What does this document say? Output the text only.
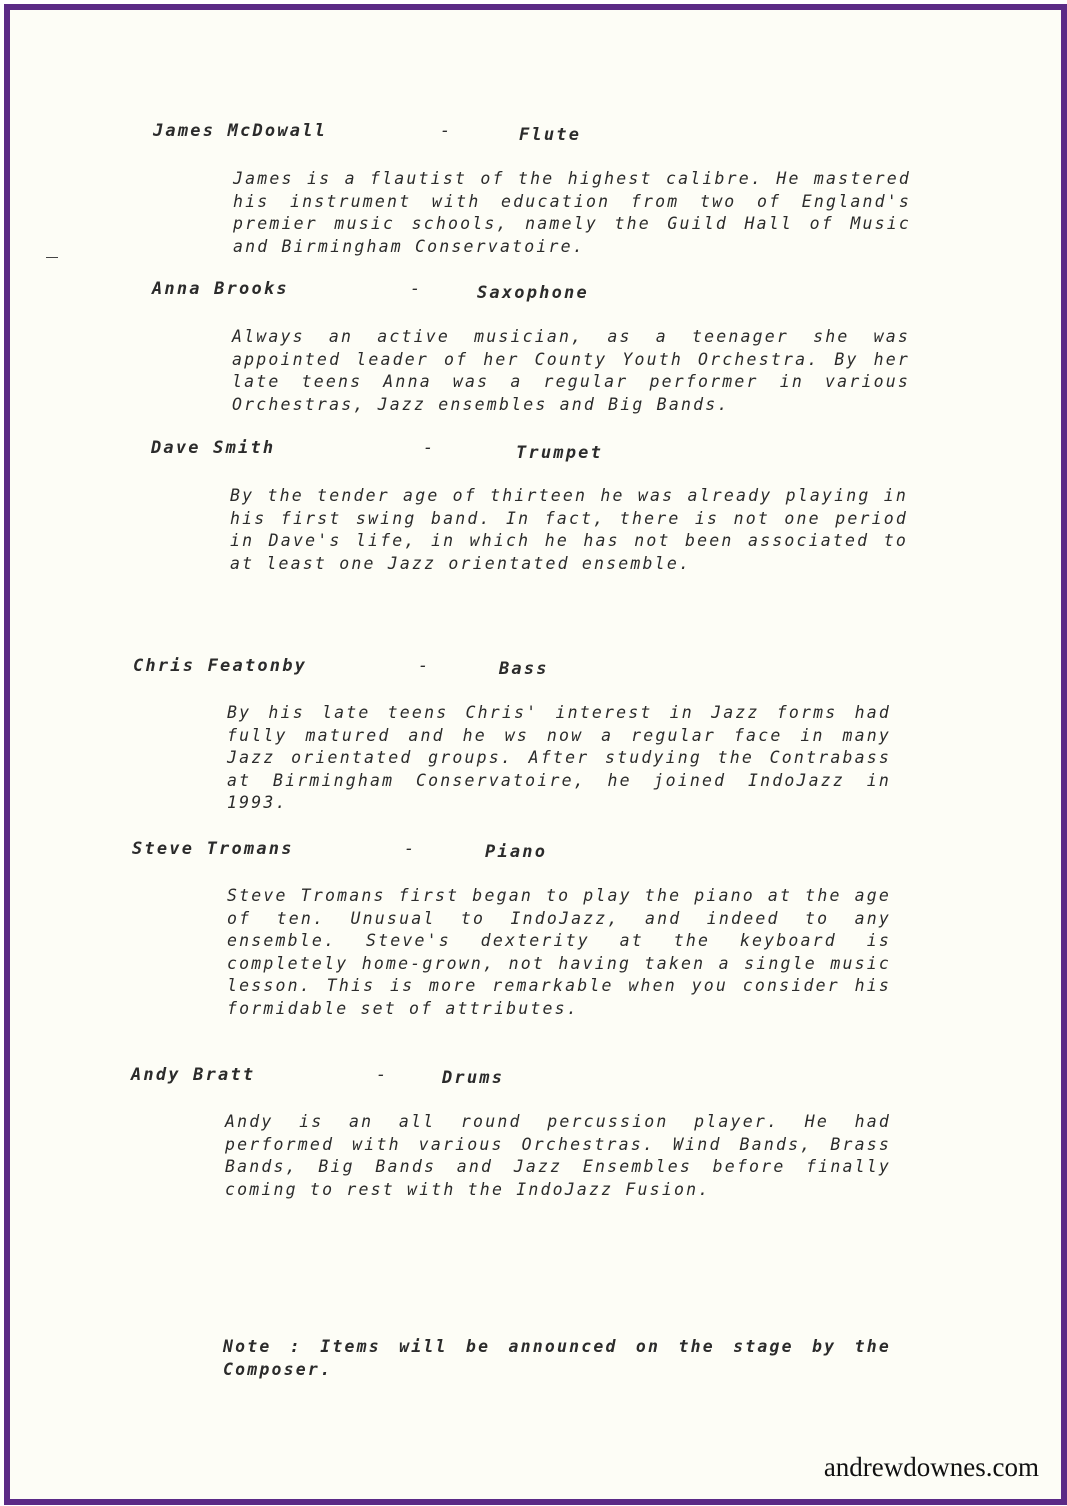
James McDowall	-	Flute

James is a flautist of the highest calibre. He mastered his instrument with education from two of England's premier music schools, namely the Guild Hall of Music and Birmingham Conservatoire.

Anna Brooks	-	Saxophone

Always an active musician, as a teenager she was appointed leader of her County Youth Orchestra. By her late teens Anna was a regular performer in various Orchestras, Jazz ensembles and Big Bands.

Dave Smith	-	Trumpet

By the tender age of thirteen he was already playing in his first swing band. In fact, there is not one period in Dave's life, in which he has not been associated to at least one Jazz orientated ensemble.

Chris Featonby	-	Bass

By his late teens Chris' interest in Jazz forms had fully matured and he ws now a regular face in many Jazz orientated groups. After studying the Contrabass at Birmingham Conservatoire, he joined IndoJazz in 1993.

Steve Tromans	-	Piano

Steve Tromans first began to play the piano at the age of ten. Unusual to IndoJazz, and indeed to any ensemble. Steve's dexterity at the keyboard is completely home-grown, not having taken a single music lesson. This is more remarkable when you consider his formidable set of attributes.

Andy Bratt	-	Drums

Andy is an all round percussion player. He had performed with various Orchestras. Wind Bands, Brass Bands, Big Bands and Jazz Ensembles before finally coming to rest with the IndoJazz Fusion.

Note : Items will be announced on the stage by the Composer.
andrewdownes.com
